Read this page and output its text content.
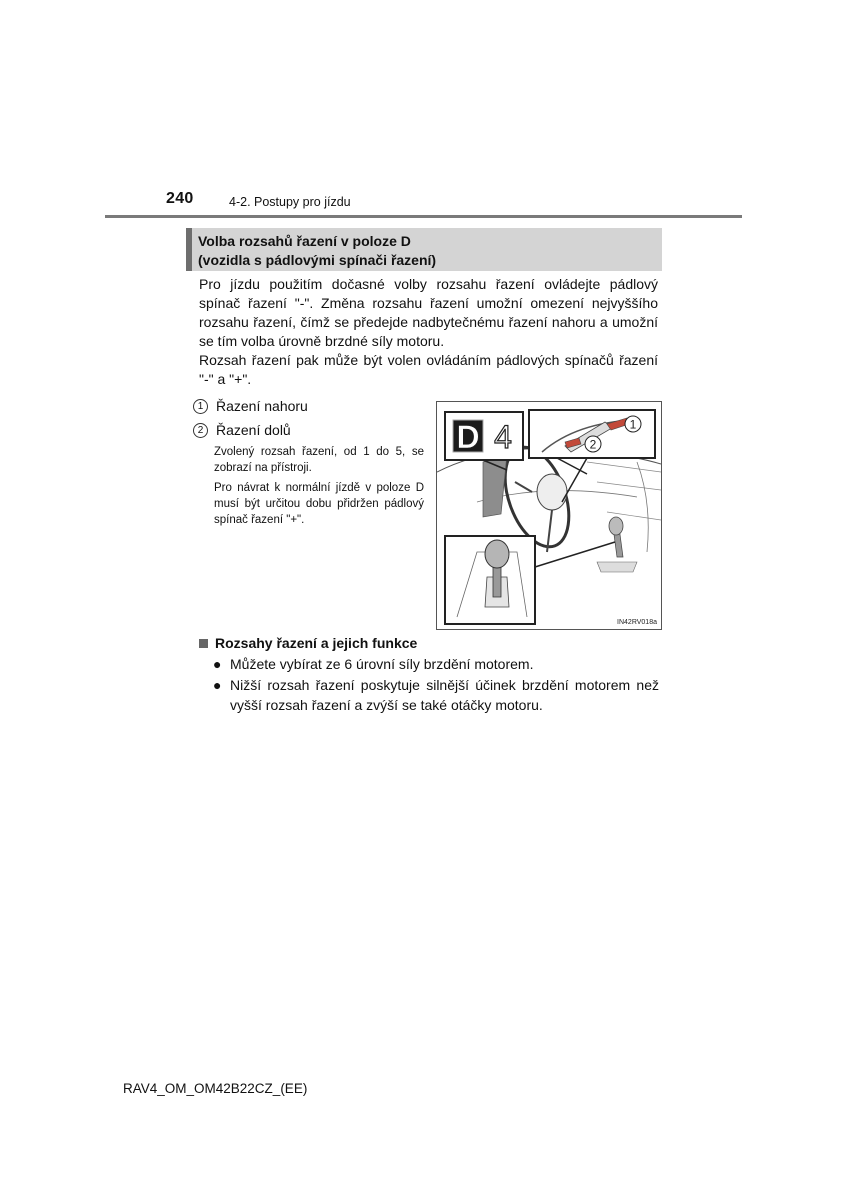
240	4-2. Postupy pro jízdu
Volba rozsahů řazení v poloze D
(vozidla s pádlovými spínači řazení)

Pro jízdu použitím dočasné volby rozsahu řazení ovládejte pádlový spínač řazení "-". Změna rozsahu řazení umožní omezení nejvyššího rozsahu řazení, čímž se předejde nadbytečnému řazení nahoru a umožní se tím volba úrovně brzdné síly motoru.

Rozsah řazení pak může být volen ovládáním pádlových spínačů řazení "-" a "+".

1 Řazení nahoru
2 Řazení dolů
Zvolený rozsah řazení, od 1 do 5, se zobrazí na přístroji.
Pro návrat k normální jízdě v poloze D musí být určitou dobu přidržen pádlový spínač řazení "+".
D 4	1
2
IN42RV018a
Rozsahy řazení a jejich funkce
● Můžete vybírat ze 6 úrovní síly brzdění motorem.
● Nižší rozsah řazení poskytuje silnější účinek brzdění motorem než vyšší rozsah řazení a zvýší se také otáčky motoru.
RAV4_OM_OM42B22CZ_(EE)
